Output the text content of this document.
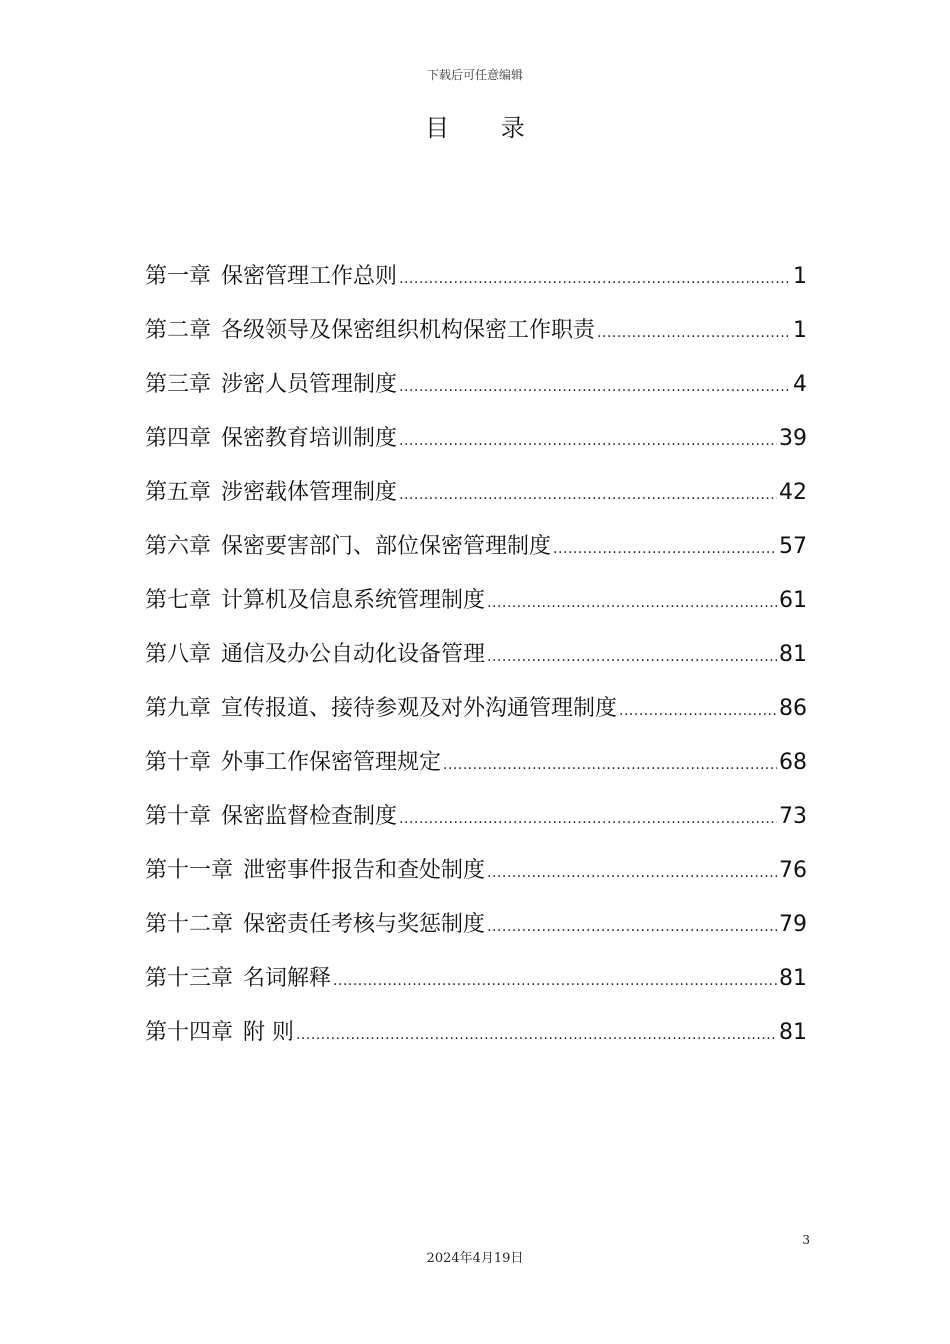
下载后可任意编辑
目 录
第一章 保密管理工作总则 .....	1
第二章 各级领导及保密组织机构保密工作职责 .....	1
第三章 涉密人员管理制度 .....	4
第四章 保密教育培训制度 .....	39
第五章 涉密载体管理制度 .....	42
第六章 保密要害部门、部位保密管理制度 .....	57
第七章 计算机及信息系统管理制度 .....	61
第八章 通信及办公自动化设备管理 .....	81
第九章 宣传报道、接待参观及对外沟通管理制度 .....	86
第十章 外事工作保密管理规定 .....	68
第十章 保密监督检查制度 .....	73
第十一章 泄密事件报告和查处制度 .....	76
第十二章 保密责任考核与奖惩制度 .....	79
第十三章 名词解释 .....	81
第十四章 附 则 .....	81
3
2024年4月19日
